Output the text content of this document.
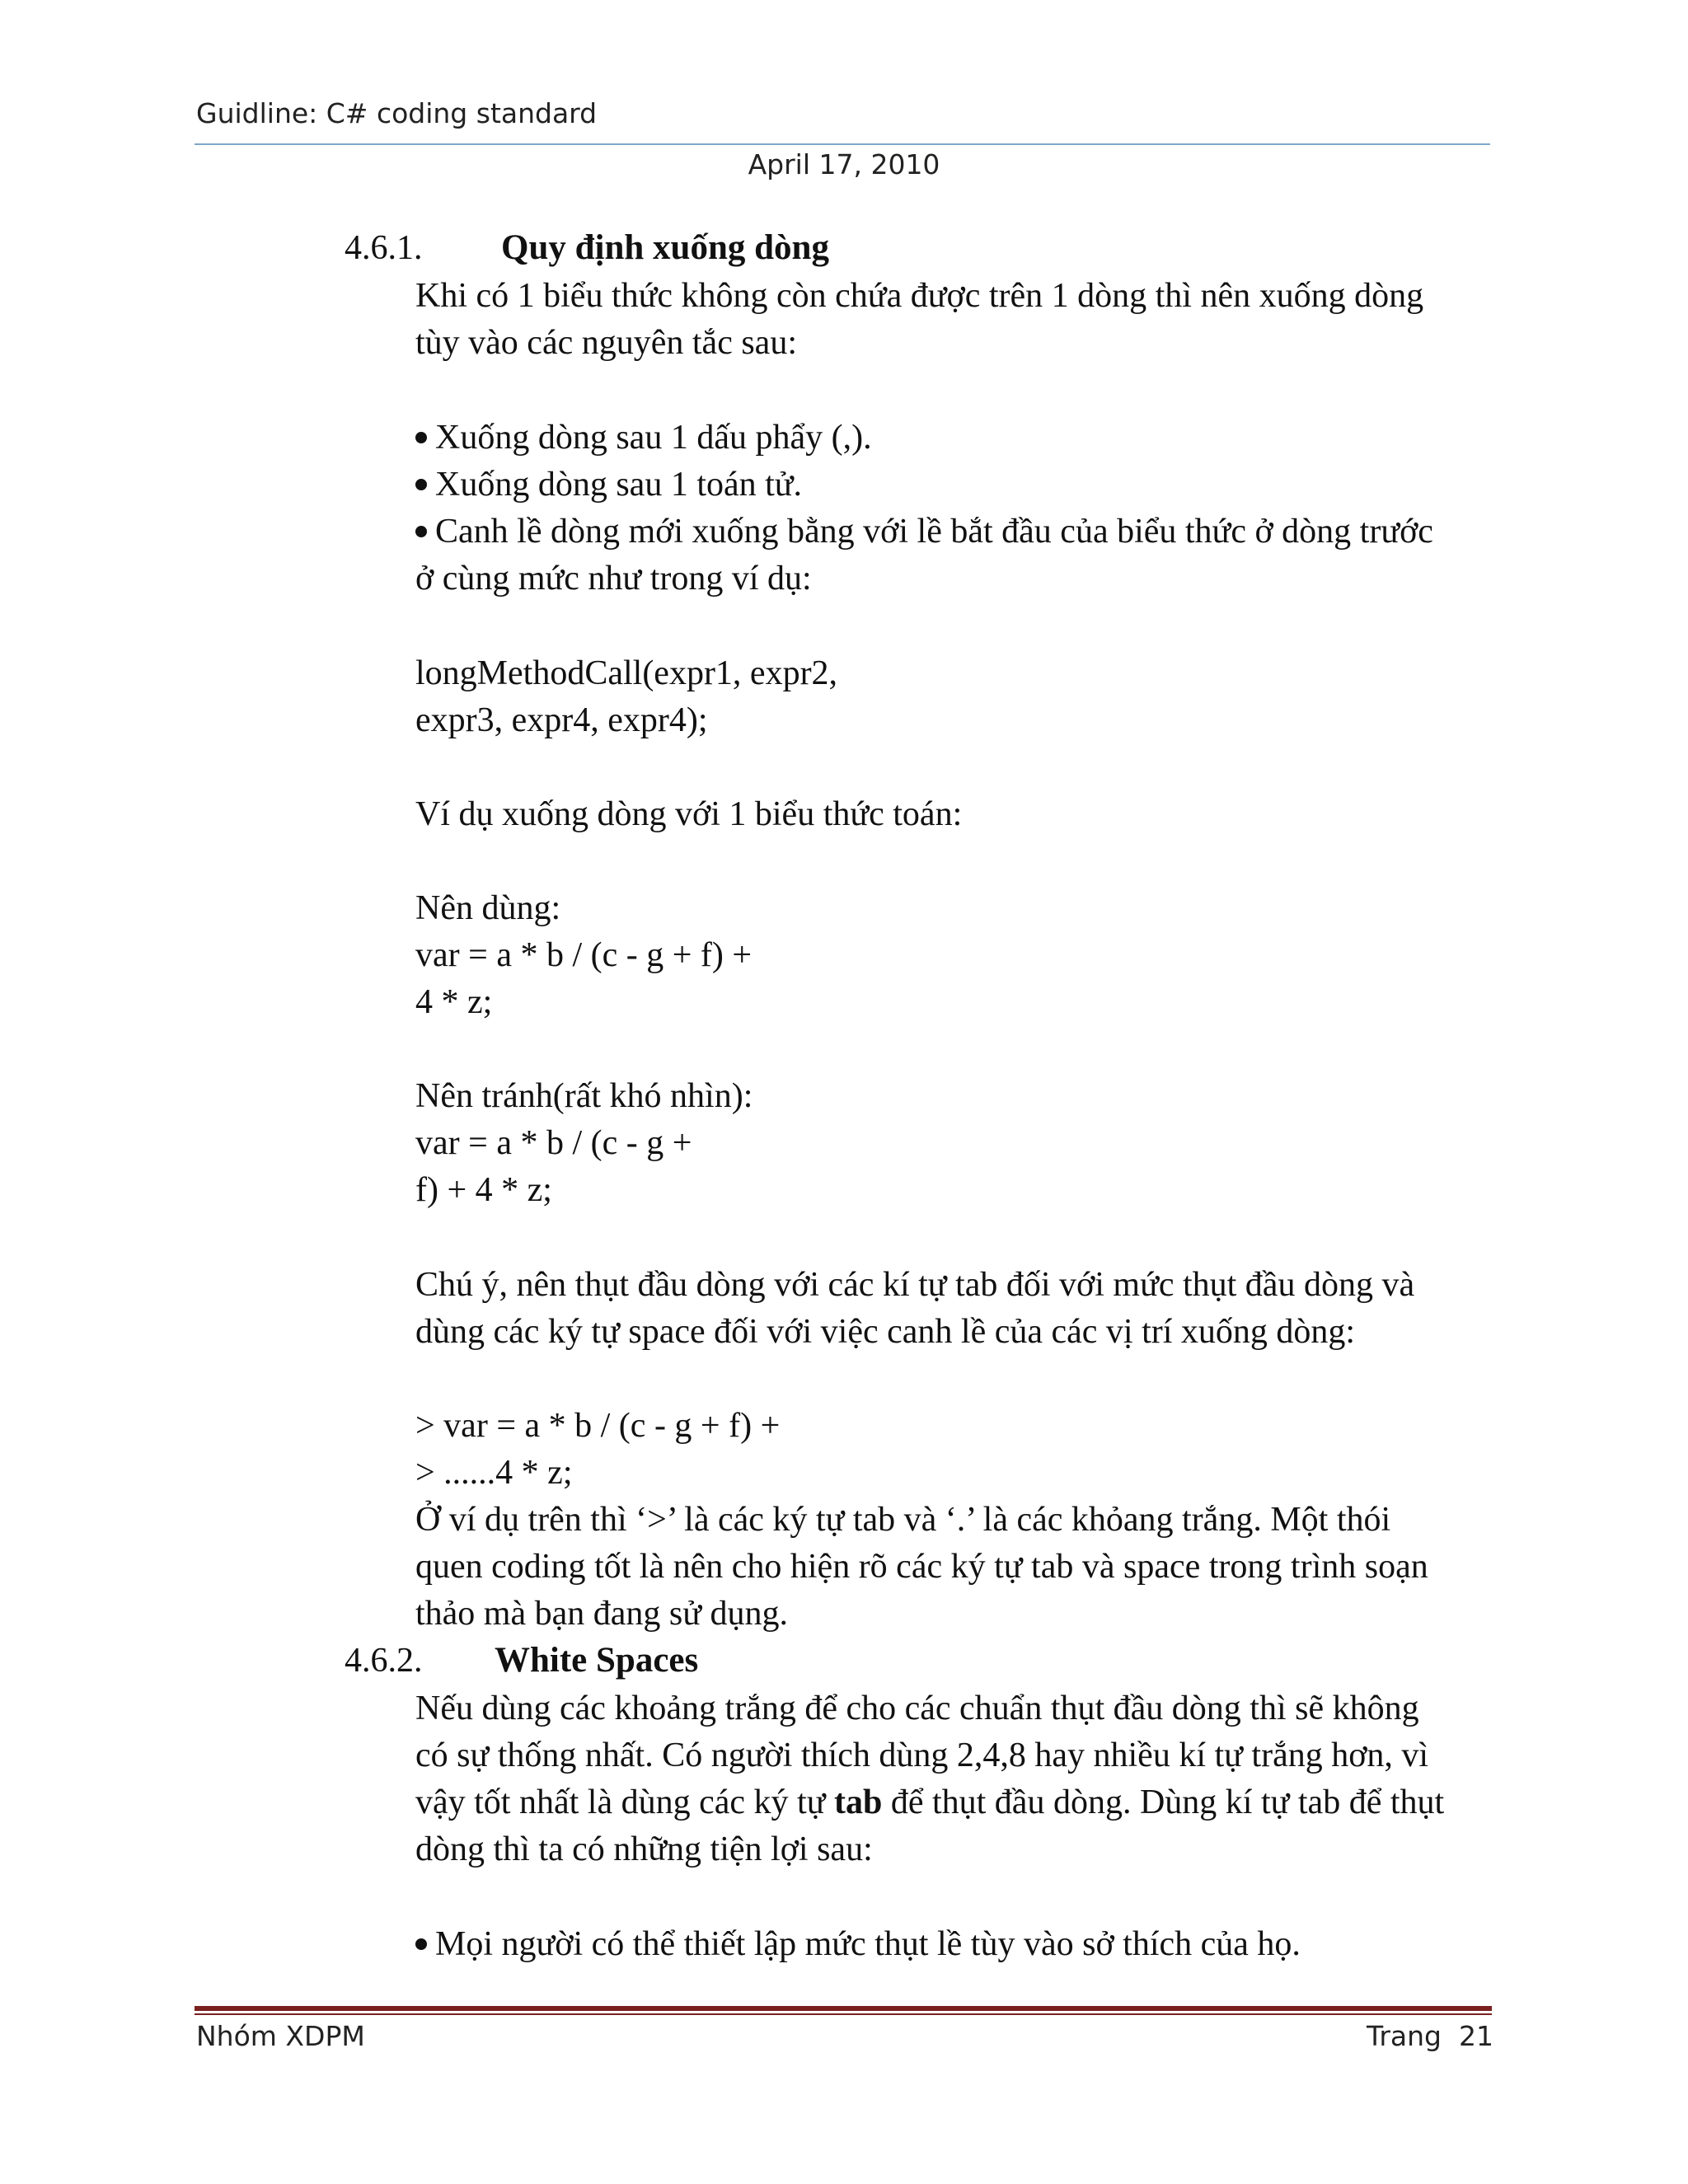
Guidline: C# coding standard
April 17, 2010
4.6.1. Quy định xuống dòng
Khi có 1 biểu thức không còn chứa được trên 1 dòng thì nên xuống dòng
tùy vào các nguyên tắc sau:
Xuống dòng sau 1 dấu phẩy (,).
Xuống dòng sau 1 toán tử.
Canh lề dòng mới xuống bằng với lề bắt đầu của biểu thức ở dòng trước
ở cùng mức như trong ví dụ:
longMethodCall(expr1, expr2,
expr3, expr4, expr4);
Ví dụ xuống dòng với 1 biểu thức toán:
Nên dùng:
var = a * b / (c - g + f) +
4 * z;
Nên tránh(rất khó nhìn):
var = a * b / (c - g +
f) + 4 * z;
Chú ý, nên thụt đầu dòng với các kí tự tab đối với mức thụt đầu dòng và
dùng các ký tự space đối với việc canh lề của các vị trí xuống dòng:
> var = a * b / (c - g + f) +
> ......4 * z;
Ở ví dụ trên thì ‘>’ là các ký tự tab và ‘.’ là các khỏang trắng. Một thói
quen coding tốt là nên cho hiện rõ các ký tự tab và space trong trình soạn
thảo mà bạn đang sử dụng.
4.6.2. White Spaces
Nếu dùng các khoảng trắng để cho các chuẩn thụt đầu dòng thì sẽ không
có sự thống nhất. Có người thích dùng 2,4,8 hay nhiều kí tự trắng hơn, vì
vậy tốt nhất là dùng các ký tự tab để thụt đầu dòng. Dùng kí tự tab để thụt
dòng thì ta có những tiện lợi sau:
Mọi người có thể thiết lập mức thụt lề tùy vào sở thích của họ.
Nhóm XDPM	Trang 21
